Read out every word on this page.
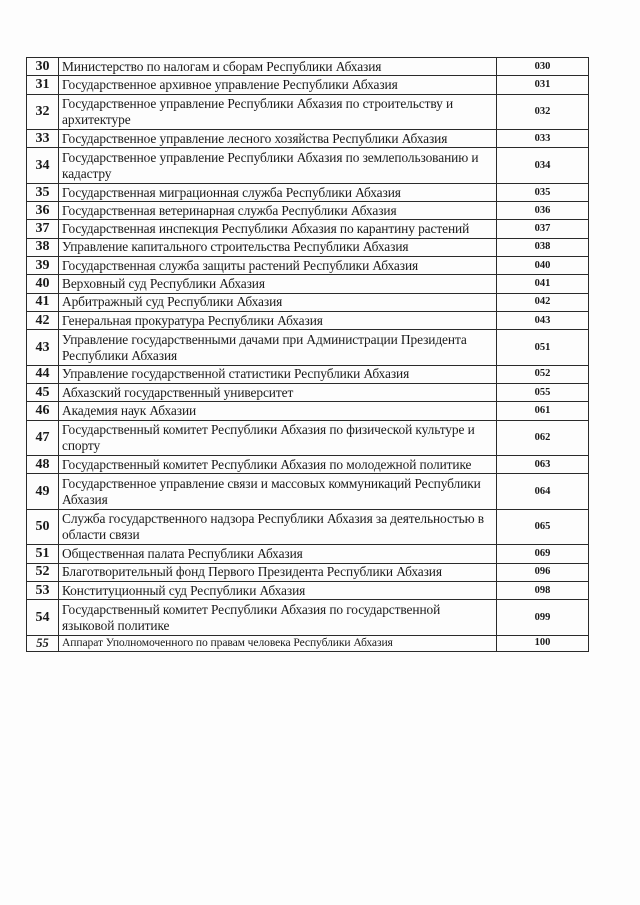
30	Министерство по налогам и сборам Республики Абхазия	030
31	Государственное архивное управление Республики Абхазия	031
32	Государственное управление Республики Абхазия по строительству и архитектуре	032
33	Государственное управление лесного хозяйства Республики Абхазия	033
34	Государственное управление Республики Абхазия по землепользованию и кадастру	034
35	Государственная миграционная служба Республики Абхазия	035
36	Государственная ветеринарная служба Республики Абхазия	036
37	Государственная инспекция Республики Абхазия по карантину растений	037
38	Управление капитального строительства Республики Абхазия	038
39	Государственная служба защиты растений Республики Абхазия	040
40	Верховный суд Республики Абхазия	041
41	Арбитражный суд Республики Абхазия	042
42	Генеральная прокуратура Республики Абхазия	043
43	Управление государственными дачами при Администрации Президента Республики Абхазия	051
44	Управление государственной статистики Республики Абхазия	052
45	Абхазский государственный университет	055
46	Академия наук Абхазии	061
47	Государственный комитет Республики Абхазия по физической культуре и спорту	062
48	Государственный комитет Республики Абхазия по молодежной политике	063
49	Государственное управление связи и массовых коммуникаций Республики Абхазия	064
50	Служба государственного надзора Республики Абхазия за деятельностью в области связи	065
51	Общественная палата Республики Абхазия	069
52	Благотворительный фонд Первого Президента Республики Абхазия	096
53	Конституционный суд Республики Абхазия	098
54	Государственный комитет Республики Абхазия по государственной языковой политике	099
55	Аппарат Уполномоченного по правам человека Республики Абхазия	100
